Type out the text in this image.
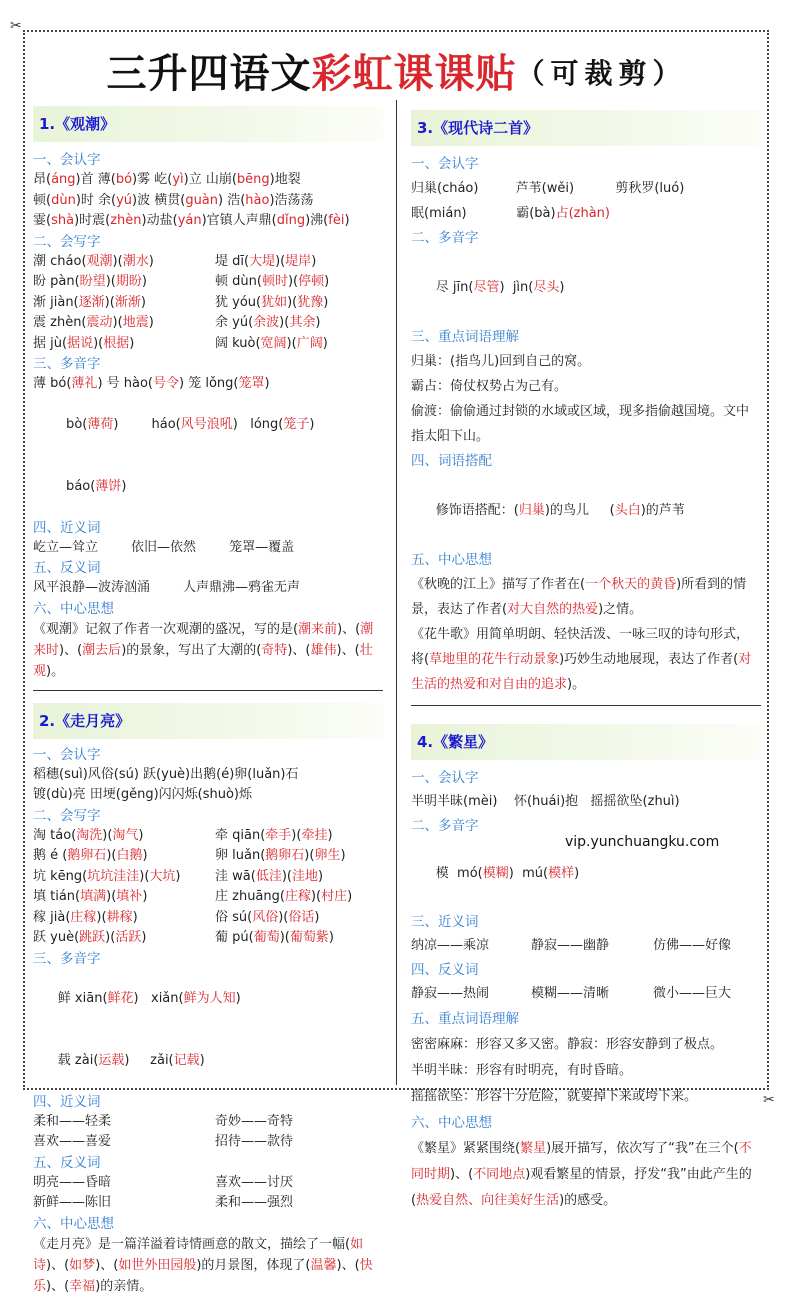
✂
✂
三升四语文彩虹课课贴（可裁剪）
1.《观潮》
一、会认字
昂(áng)首 薄(bó)雾 屹(yì)立 山崩(bēng)地裂
顿(dùn)时 余(yú)波 横贯(guàn) 浩(hào)浩荡荡
霎(shà)时震(zhèn)动盐(yán)官镇人声鼎(dǐng)沸(fèi)
二、会写字
潮 cháo(观潮)(潮水)	堤 dī(大堤)(堤岸)
盼 pàn(盼望)(期盼)	顿 dùn(顿时)(停顿)
渐 jiàn(逐渐)(渐渐)	犹 yóu(犹如)(犹豫)
震 zhèn(震动)(地震)	余 yú(余波)(其余)
据 jù(据说)(根据)	阔 kuò(宽阔)(广阔)
三、多音字
薄 bó(薄礼) 号 hào(号令) 笼 lǒng(笼罩)

bò(薄荷)        háo(风号浪吼)   lóng(笼子)

báo(薄饼)

四、近义词
屹立—耸立        依旧—依然        笼罩—覆盖
五、反义词
风平浪静—波涛汹涌        人声鼎沸—鸦雀无声
六、中心思想
《观潮》记叙了作者一次观潮的盛况，写的是(潮来前)、(潮来时)、(潮去后)的景象，写出了大潮的(奇特)、(雄伟)、(壮观)。
2.《走月亮》
一、会认字
稻穗(suì)风俗(sú) 跃(yuè)出鹅(é)卵(luǎn)石
镀(dù)亮 田埂(gěng)闪闪烁(shuò)烁
二、会写字
淘 táo(淘洗)(淘气)	牵 qiān(牵手)(牵挂)
鹅 é (鹅卵石)(白鹅)	卵 luǎn(鹅卵石)(卵生)
坑 kēng(坑坑洼洼)(大坑)	洼 wā(低洼)(洼地)
填 tián(填满)(填补)	庄 zhuāng(庄稼)(村庄)
稼 jià(庄稼)(耕稼)	俗 sú(风俗)(俗话)
跃 yuè(跳跃)(活跃)	葡 pú(葡萄)(葡萄紫)
三、多音字

鲜 xiān(鲜花)   xiǎn(鲜为人知)

载 zài(运载)     zǎi(记载)

四、近义词
柔和——轻柔	奇妙——奇特
喜欢——喜爱	招待——款待
五、反义词
明亮——昏暗	喜欢——讨厌
新鲜——陈旧	柔和——强烈
六、中心思想
《走月亮》是一篇洋溢着诗情画意的散文，描绘了一幅(如诗)、(如梦)、(如世外田园般)的月景图，体现了(温馨)、(快乐)、(幸福)的亲情。
3.《现代诗二首》
一、会认字
归巢(cháo)         芦苇(wěi)          剪秋罗(luó)
眠(mián)            霸(bà)占(zhàn)
二、多音字

尽 jīn(尽管)  jìn(尽头)

三、重点词语理解
归巢：(指鸟儿)回到自己的窝。
霸占：倚仗权势占为己有。
偷渡：偷偷通过封锁的水域或区域，现多指偷越国境。文中指太阳下山。
四、词语搭配

修饰语搭配：(归巢)的鸟儿     (头白)的芦苇

五、中心思想
《秋晚的江上》描写了作者在(一个秋天的黄昏)所看到的情景，表达了作者(对大自然的热爱)之情。
《花牛歌》用简单明朗、轻快活泼、一咏三叹的诗句形式，将(草地里的花牛行动景象)巧妙生动地展现，表达了作者(对生活的热爱和对自由的追求)。
4.《繁星》
一、会认字
半明半昧(mèi)    怀(huái)抱   摇摇欲坠(zhuì)
二、多音字

模  mó(模糊)  mú(模样)

三、近义词
纳凉——乘凉	静寂——幽静	仿佛——好像
四、反义词
静寂——热闹	模糊——清晰	微小——巨大
五、重点词语理解
密密麻麻：形容又多又密。静寂：形容安静到了极点。
半明半昧：形容有时明亮，有时昏暗。
摇摇欲坠：形容十分危险，就要掉下来或垮下来。
六、中心思想
《繁星》紧紧围绕(繁星)展开描写，依次写了“我”在三个(不同时期)、(不同地点)观看繁星的情景，抒发“我”由此产生的(热爱自然、向往美好生活)的感受。
vip.yunchuangku.com
